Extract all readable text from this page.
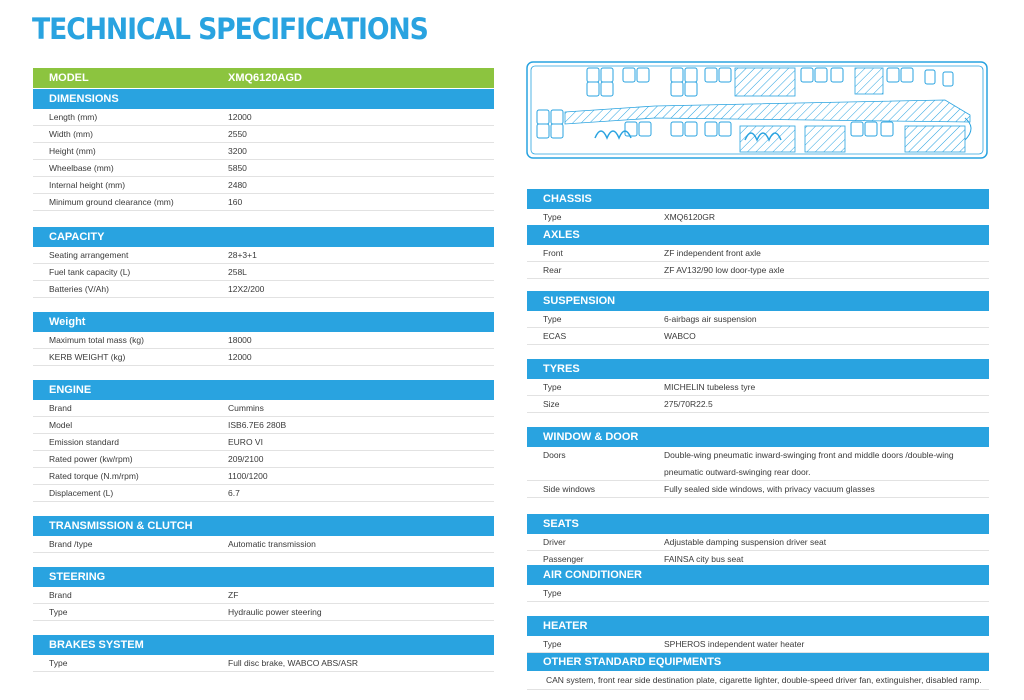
TECHNICAL SPECIFICATIONS
MODEL	XMQ6120AGD
DIMENSIONS
Length (mm)	12000
Width (mm)	2550
Height (mm)	3200
Wheelbase (mm)	5850
Internal height (mm)	2480
Minimum ground clearance (mm)	160
CAPACITY
Seating arrangement	28+3+1
Fuel tank capacity (L)	258L
Batteries (V/Ah)	12X2/200
Weight
Maximum total mass (kg)	18000
KERB WEIGHT (kg)	12000
ENGINE
Brand	Cummins
Model	ISB6.7E6 280B
Emission standard	EURO VI
Rated power (kw/rpm)	209/2100
Rated torque (N.m/rpm)	1100/1200
Displacement (L)	6.7
TRANSMISSION & CLUTCH
Brand /type	Automatic transmission
STEERING
Brand	ZF
Type	Hydraulic power steering
BRAKES SYSTEM
Type	Full disc brake, WABCO ABS/ASR
CHASSIS
Type	XMQ6120GR
AXLES
Front	ZF independent front axle
Rear	ZF AV132/90 low door-type axle
SUSPENSION
Type	6-airbags air suspension
ECAS	WABCO
TYRES
Type	MICHELIN tubeless tyre
Size	275/70R22.5
WINDOW & DOOR
Doors	Double-wing pneumatic inward-swinging front and middle doors /double-wing pneumatic outward-swinging rear door.
Side windows	Fully sealed side windows, with privacy vacuum glasses
SEATS
Driver	Adjustable damping suspension driver seat
Passenger	FAINSA city bus seat
AIR CONDITIONER
Type
HEATER
Type	SPHEROS independent water heater
OTHER STANDARD EQUIPMENTS
CAN system, front rear side destination plate, cigarette lighter, double-speed driver fan, extinguisher, disabled ramp.
